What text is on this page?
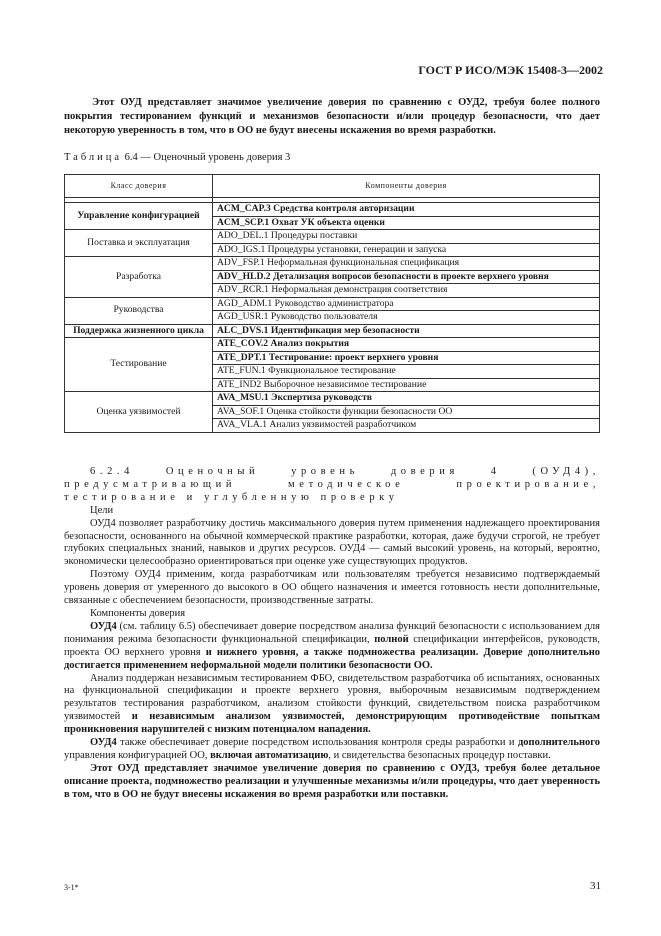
ГОСТ Р ИСО/МЭК 15408-3—2002

Этот ОУД представляет значимое увеличение доверия по сравнению с ОУД2, требуя более полного покрытия тестированием функций и механизмов безопасности и/или процедур безопасности, что дает некоторую уверенность в том, что в ОО не будут внесены искажения во время разработки.

Таблица 6.4 — Оценочный уровень доверия 3
Класс доверия	Компоненты доверия

Управление конфигурацией	ACM_CAP.3 Средства контроля авторизации
	ACM_SCP.1 Охват УК объекта оценки
Поставка и эксплуатация	ADO_DEL.1 Процедуры поставки
	ADO_IGS.1 Процедуры установки, генерации и запуска
Разработка	ADV_FSP.1 Неформальная функциональная спецификация
	ADV_HLD.2 Детализация вопросов безопасности в проекте верхнего уровня
	ADV_RCR.1 Неформальная демонстрация соответствия
Руководства	AGD_ADM.1 Руководство администратора
	AGD_USR.1 Руководство пользователя
Поддержка жизненного цикла	ALC_DVS.1 Идентификация мер безопасности
Тестирование	ATE_COV.2 Анализ покрытия
	ATE_DPT.1 Тестирование: проект верхнего уровня
	ATE_FUN.1 Функциональное тестирование
	ATE_IND2 Выборочное независимое тестирование
Оценка уязвимостей	AVA_MSU.1 Экспертиза руководств
	AVA_SOF.1 Оценка стойкости функции безопасности ОО
	AVA_VLA.1 Анализ уязвимостей разработчиком

6.2.4 Оценочный уровень доверия 4 (ОУД4), предусматривающий методическое проектирование, тестирование и углубленную проверку

Цели

ОУД4 позволяет разработчику достичь максимального доверия путем применения надлежащего проектирования безопасности, основанного на обычной коммерческой практике разработки, которая, даже будучи строгой, не требует глубоких специальных знаний, навыков и других ресурсов. ОУД4 — самый высокий уровень, на который, вероятно, экономически целесообразно ориентироваться при оценке уже существующих продуктов.

Поэтому ОУД4 применим, когда разработчикам или пользователям требуется независимо подтверждаемый уровень доверия от умеренного до высокого в ОО общего назначения и имеется готовность нести дополнительные, связанные с обеспечением безопасности, производственные затраты.

Компоненты доверия

ОУД4 (см. таблицу 6.5) обеспечивает доверие посредством анализа функций безопасности с использованием для понимания режима безопасности функциональной спецификации, полной спецификации интерфейсов, руководств, проекта ОО верхнего уровня и нижнего уровня, а также подмножества реализации. Доверие дополнительно достигается применением неформальной модели политики безопасности ОО.

Анализ поддержан независимым тестированием ФБО, свидетельством разработчика об испытаниях, основанных на функциональной спецификации и проекте верхнего уровня, выборочным независимым подтверждением результатов тестирования разработчиком, анализом стойкости функций, свидетельством поиска разработчиком уязвимостей и независимым анализом уязвимостей, демонстрирующим противодействие попыткам проникновения нарушителей с низким потенциалом нападения.

ОУД4 также обеспечивает доверие посредством использования контроля среды разработки и дополнительного управления конфигурацией ОО, включая автоматизацию, и свидетельства безопасных процедур поставки.

Этот ОУД представляет значимое увеличение доверия по сравнению с ОУД3, требуя более детальное описание проекта, подмножество реализации и улучшенные механизмы и/или процедуры, что дает уверенность в том, что в ОО не будут внесены искажения во время разработки или поставки.

3-1*	31
